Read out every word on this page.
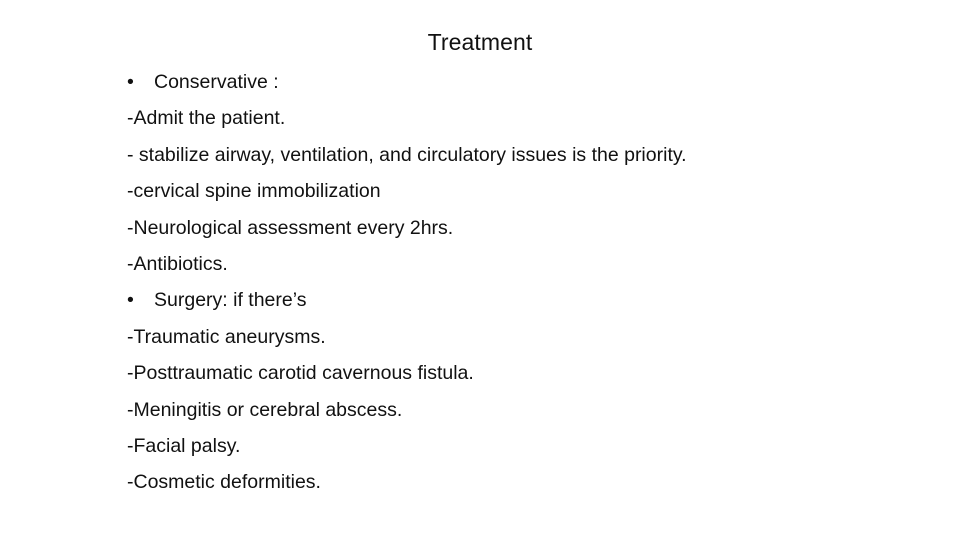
Treatment
•	Conservative :
-Admit the patient.
- stabilize airway, ventilation, and circulatory issues is the priority.
-cervical spine immobilization
-Neurological assessment every 2hrs.
-Antibiotics.
•	Surgery: if there’s
-Traumatic aneurysms.
-Posttraumatic carotid cavernous fistula.
-Meningitis or cerebral abscess.
-Facial palsy.
-Cosmetic deformities.
